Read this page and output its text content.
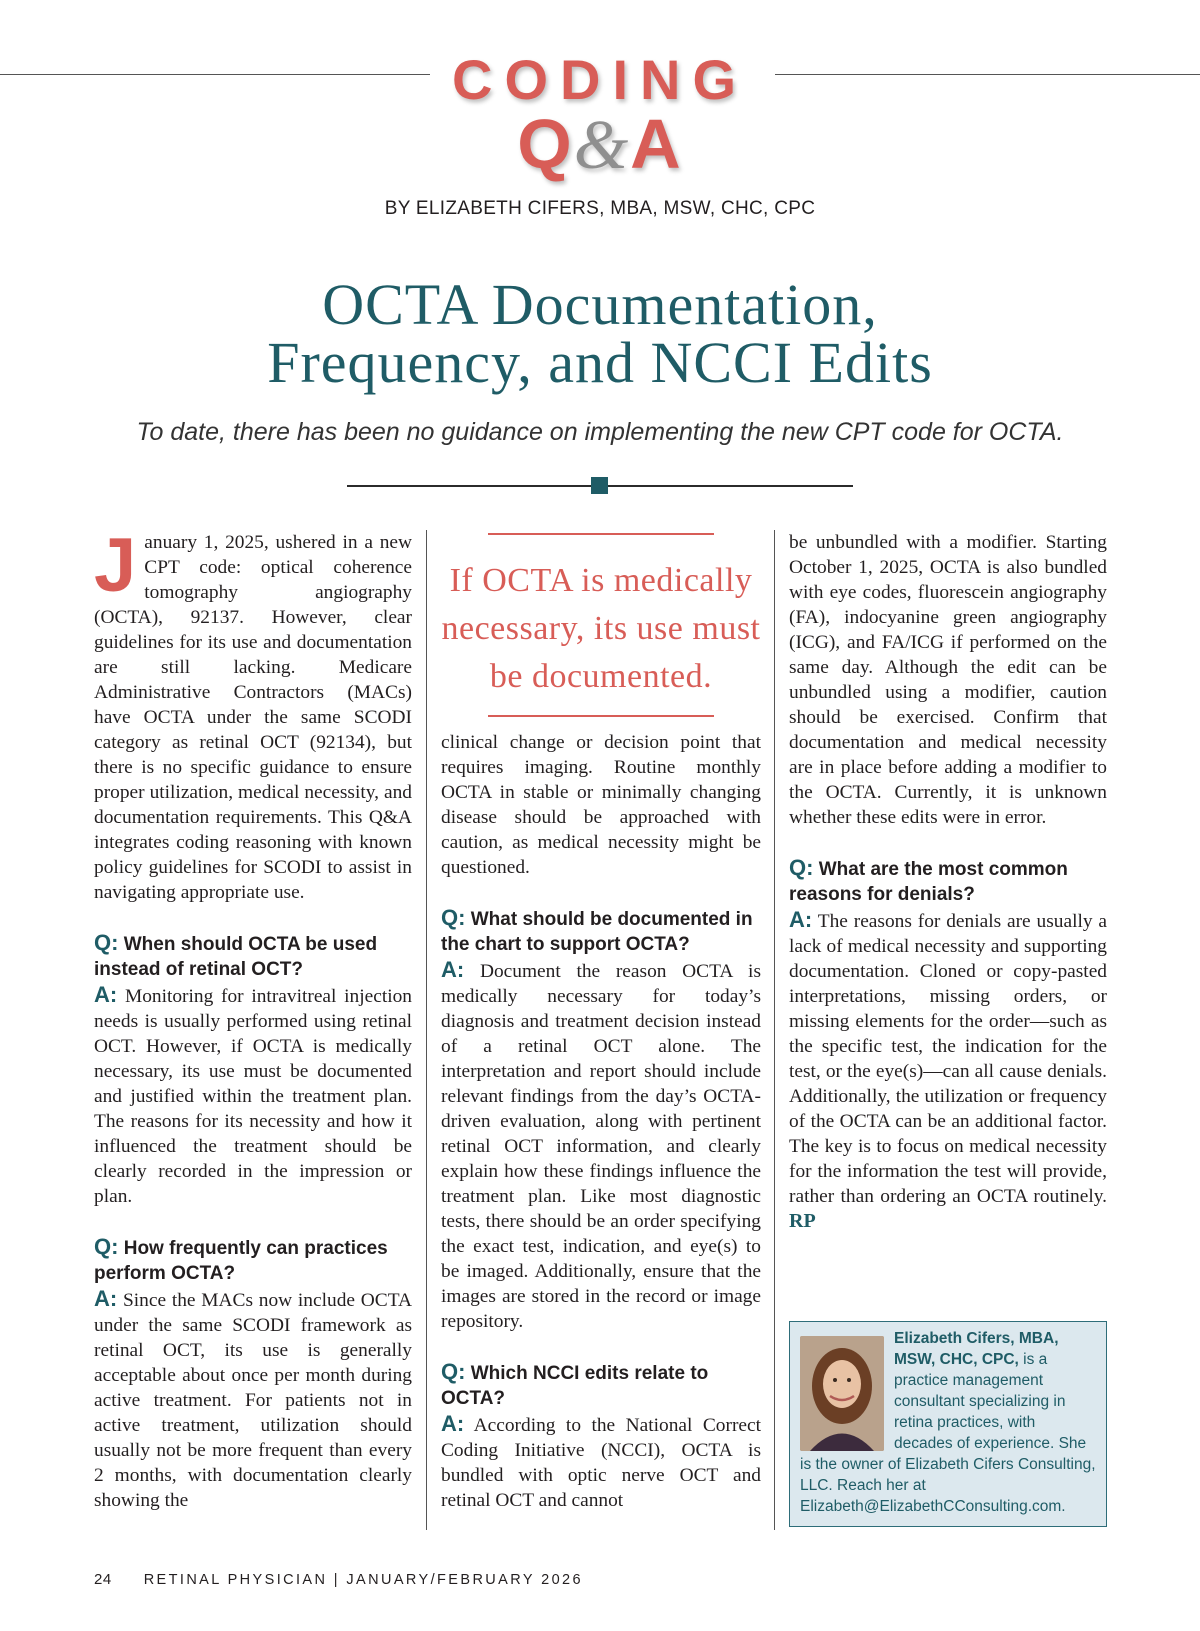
CODING
Q&A
BY ELIZABETH CIFERS, MBA, MSW, CHC, CPC
OCTA Documentation,
Frequency, and NCCI Edits
To date, there has been no guidance on implementing the new CPT code for OCTA.

January 1, 2025, ushered in a new CPT code: optical coherence tomography angiography (OCTA), 92137. However, clear guidelines for its use and documentation are still lacking. Medicare Administrative Contractors (MACs) have OCTA under the same SCODI category as retinal OCT (92134), but there is no specific guidance to ensure proper utilization, medical necessity, and documentation requirements. This Q&A integrates coding reasoning with known policy guidelines for SCODI to assist in navigating appropriate use.

Q: When should OCTA be used instead of retinal OCT?

A: Monitoring for intravitreal injection needs is usually performed using retinal OCT. However, if OCTA is medically necessary, its use must be documented and justified within the treatment plan. The reasons for its necessity and how it influenced the treatment should be clearly recorded in the impression or plan.

Q: How frequently can practices perform OCTA?

A: Since the MACs now include OCTA under the same SCODI framework as retinal OCT, its use is generally acceptable about once per month during active treatment. For patients not in active treatment, utilization should usually not be more frequent than every 2 months, with documentation clearly showing the

If OCTA is medically necessary, its use must be documented.

clinical change or decision point that requires imaging. Routine monthly OCTA in stable or minimally changing disease should be approached with caution, as medical necessity might be questioned.

Q: What should be documented in the chart to support OCTA?

A: Document the reason OCTA is medically necessary for today’s diagnosis and treatment decision instead of a retinal OCT alone. The interpretation and report should include relevant findings from the day’s OCTA-driven evaluation, along with pertinent retinal OCT information, and clearly explain how these findings influence the treatment plan. Like most diagnostic tests, there should be an order specifying the exact test, indication, and eye(s) to be imaged. Additionally, ensure that the images are stored in the record or image repository.

Q: Which NCCI edits relate to OCTA?

A: According to the National Correct Coding Initiative (NCCI), OCTA is bundled with optic nerve OCT and retinal OCT and cannot

be unbundled with a modifier. Starting October 1, 2025, OCTA is also bundled with eye codes, fluorescein angiography (FA), indocyanine green angiography (ICG), and FA/ICG if performed on the same day. Although the edit can be unbundled using a modifier, caution should be exercised. Confirm that documentation and medical necessity are in place before adding a modifier to the OCTA. Currently, it is unknown whether these edits were in error.

Q: What are the most common reasons for denials?

A: The reasons for denials are usually a lack of medical necessity and supporting documentation. Cloned or copy-pasted interpretations, missing orders, or missing elements for the order—such as the specific test, the indication for the test, or the eye(s)—can all cause denials. Additionally, the utilization or frequency of the OCTA can be an additional factor. The key is to focus on medical necessity for the information the test will provide, rather than ordering an OCTA routinely. RP

Elizabeth Cifers, MBA, MSW, CHC, CPC, is a practice management consultant specializing in retina practices, with decades of experience. She is the owner of Elizabeth Cifers Consulting, LLC. Reach her at Elizabeth@ElizabethCConsulting.com.
24 RETINAL PHYSICIAN | JANUARY/FEBRUARY 2026
